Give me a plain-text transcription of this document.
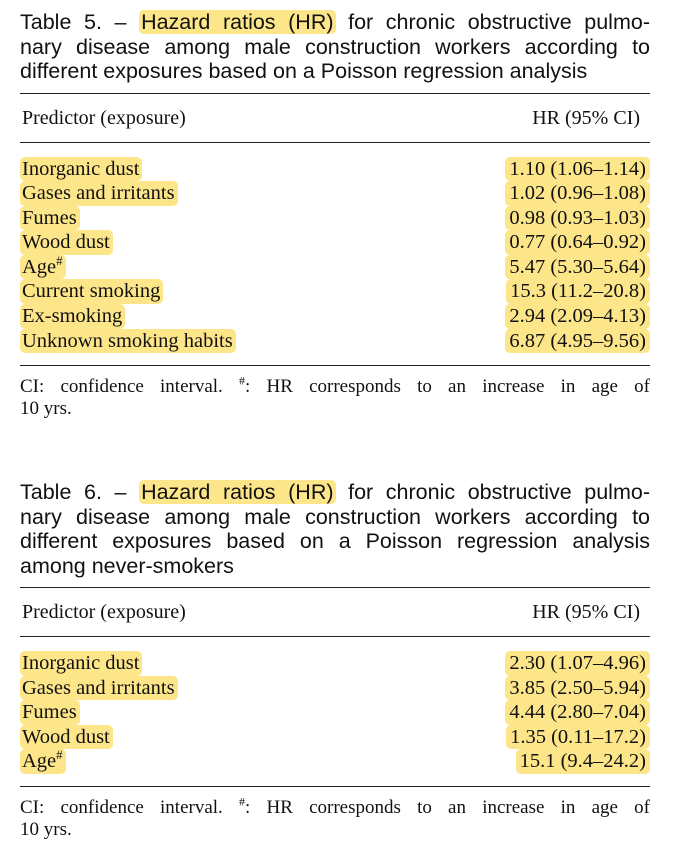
Table 5. – Hazard ratios (HR) for chronic obstructive pulmo-
nary disease among male construction workers according to
different exposures based on a Poisson regression analysis
Predictor (exposure)	HR (95% CI)
Inorganic dust	1.10 (1.06–1.14)
Gases and irritants	1.02 (0.96–1.08)
Fumes	0.98 (0.93–1.03)
Wood dust	0.77 (0.64–0.92)
Age#	5.47 (5.30–5.64)
Current smoking	15.3 (11.2–20.8)
Ex-smoking	2.94 (2.09–4.13)
Unknown smoking habits	6.87 (4.95–9.56)
CI: confidence interval. #: HR corresponds to an increase in age of
10 yrs.
Table 6. – Hazard ratios (HR) for chronic obstructive pulmo-
nary disease among male construction workers according to
different exposures based on a Poisson regression analysis
among never-smokers
Predictor (exposure)	HR (95% CI)
Inorganic dust	2.30 (1.07–4.96)
Gases and irritants	3.85 (2.50–5.94)
Fumes	4.44 (2.80–7.04)
Wood dust	1.35 (0.11–17.2)
Age#	15.1 (9.4–24.2)
CI: confidence interval. #: HR corresponds to an increase in age of
10 yrs.
